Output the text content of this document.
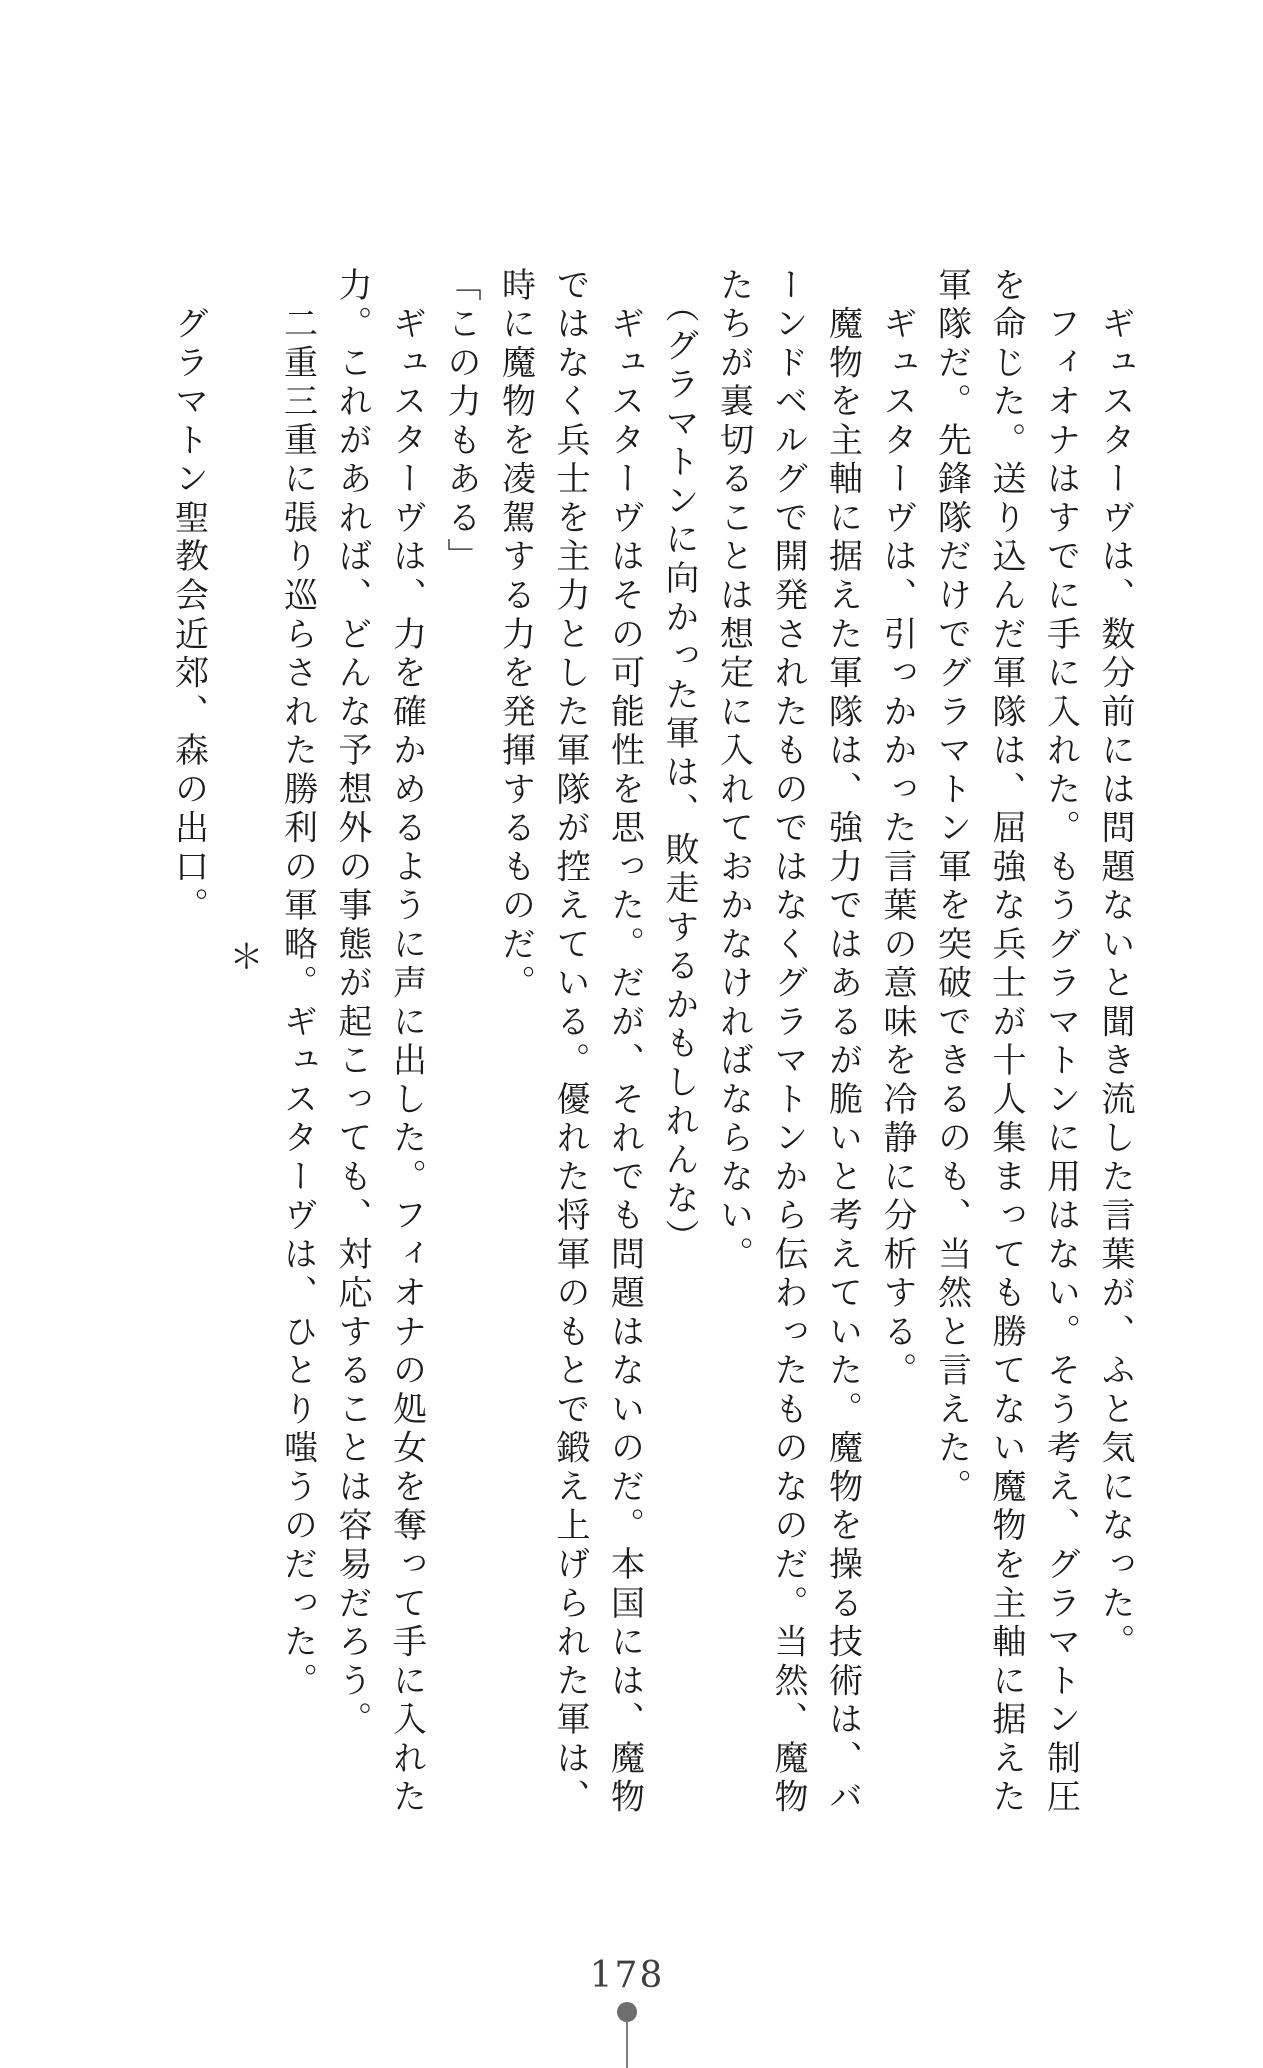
　ギュスターヴは、数分前には問題ないと聞き流した言葉が、ふと気になった。
　フィオナはすでに手に入れた。もうグラマトンに用はない。そう考え、グラマトン制圧
を命じた。送り込んだ軍隊は、屈強な兵士が十人集まっても勝てない魔物を主軸に据えた
軍隊だ。先鋒隊だけでグラマトン軍を突破できるのも、当然と言えた。
　ギュスターヴは、引っかかった言葉の意味を冷静に分析する。
　魔物を主軸に据えた軍隊は、強力ではあるが脆いと考えていた。魔物を操る技術は、バ
ーンドベルグで開発されたものではなくグラマトンから伝わったものなのだ。当然、魔物
たちが裏切ることは想定に入れておかなければならない。
　（グラマトンに向かった軍は、敗走するかもしれんな）
　ギュスターヴはその可能性を思った。だが、それでも問題はないのだ。本国には、魔物
ではなく兵士を主力とした軍隊が控えている。優れた将軍のもとで鍛え上げられた軍は、
時に魔物を凌駕する力を発揮するものだ。
「この力もある」
　ギュスターヴは、力を確かめるように声に出した。フィオナの処女を奪って手に入れた
力。これがあれば、どんな予想外の事態が起こっても、対応することは容易だろう。
　二重三重に張り巡らされた勝利の軍略。ギュスターヴは、ひとり嗤うのだった。
＊
　グラマトン聖教会近郊、森の出口。
178
